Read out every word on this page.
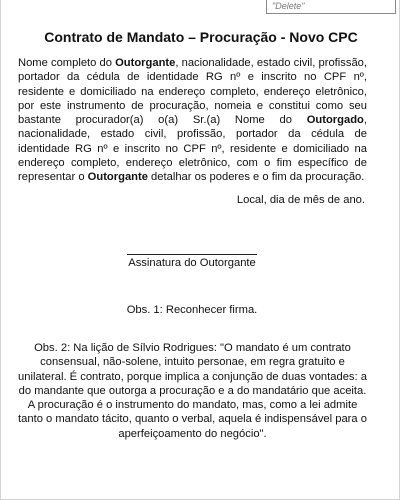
"Delete"
Contrato de Mandato – Procuração - Novo CPC

Nome completo do Outorgante, nacionalidade, estado civil, profissão, portador da cédula de identidade RG nº e inscrito no CPF nº, residente e domiciliado na endereço completo, endereço eletrônico, por este instrumento de procuração, nomeia e constitui como seu bastante procurador(a) o(a) Sr.(a) Nome do Outorgado, nacionalidade, estado civil, profissão, portador da cédula de identidade RG nº e inscrito no CPF nº, residente e domiciliado na endereço completo, endereço eletrônico, com o fim específico de representar o Outorgante detalhar os poderes e o fim da procuração.

Local, dia de mês de ano.

Assinatura do Outorgante

Obs. 1: Reconhecer firma.

Obs. 2: Na lição de Sílvio Rodrigues: "O mandato é um contrato consensual, não-solene, intuito personae, em regra gratuito e unilateral. É contrato, porque implica a conjunção de duas vontades: a do mandante que outorga a procuração e a do mandatário que aceita. A procuração é o instrumento do mandato, mas, como a lei admite tanto o mandato tácito, quanto o verbal, aquela é indispensável para o aperfeiçoamento do negócio".
